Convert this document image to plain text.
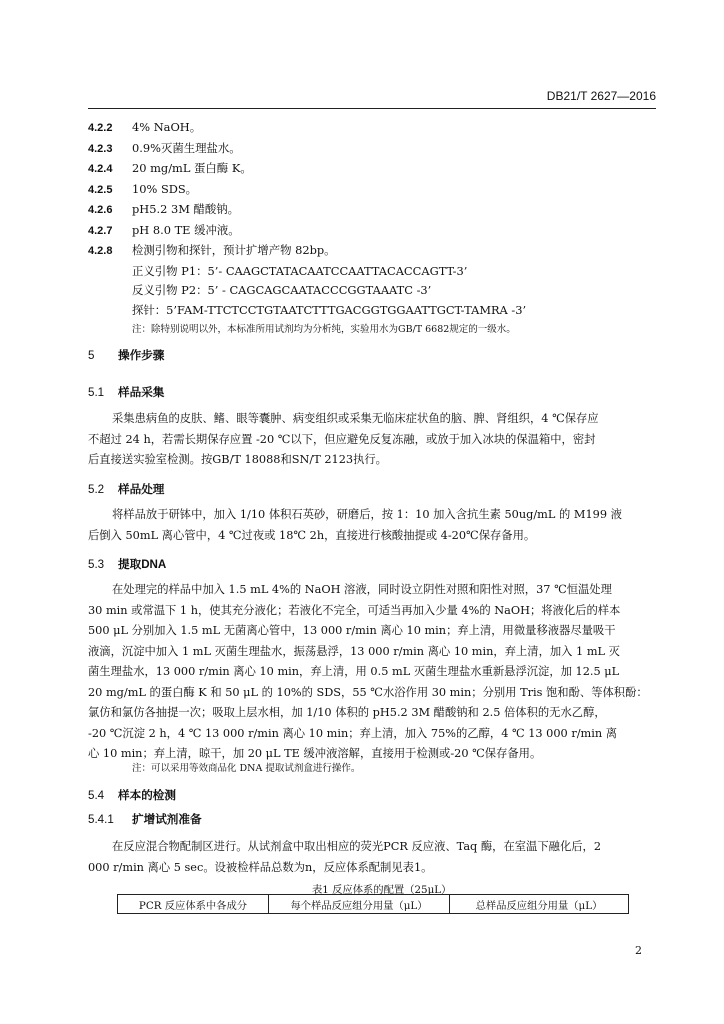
DB21/T 2627—2016
4.2.2 4% NaOH。
4.2.3 0.9%灭菌生理盐水。
4.2.4 20 mg/mL 蛋白酶 K。
4.2.5 10% SDS。
4.2.6 pH5.2 3M 醋酸钠。
4.2.7 pH 8.0 TE 缓冲液。
4.2.8 检测引物和探针，预计扩增产物 82bp。
正义引物 P1：5’- CAAGCTATACAATCCAATTACACCAGTT-3’
反义引物 P2：5’ - CAGCAGCAATACCCGGTAAATC -3’
探针：5’FAM-TTCTCCTGTAATCTTTGACGGTGGAATTGCT-TAMRA -3’
注：除特别说明以外，本标准所用试剂均为分析纯，实验用水为GB/T 6682规定的一级水。
5 操作步骤
5.1 样品采集
采集患病鱼的皮肤、鳍、眼等囊肿、病变组织或采集无临床症状鱼的脑、脾、肾组织，4 ℃保存应
不超过 24 h，若需长期保存应置 -20 ℃以下，但应避免反复冻融，或放于加入冰块的保温箱中，密封
后直接送实验室检测。按GB/T 18088和SN/T 2123执行。
5.2 样品处理
将样品放于研钵中，加入 1/10 体积石英砂，研磨后，按 1：10 加入含抗生素 50ug/mL 的 M199 液
后倒入 50mL 离心管中，4 ℃过夜或 18℃ 2h，直接进行核酸抽提或 4-20℃保存备用。
5.3 提取DNA
在处理完的样品中加入 1.5 mL 4%的 NaOH 溶液，同时设立阴性对照和阳性对照，37 ℃恒温处理
30 min 或常温下 1 h，使其充分液化；若液化不完全，可适当再加入少量 4%的 NaOH；将液化后的样本
500 μL 分别加入 1.5 mL 无菌离心管中，13 000 r/min 离心 10 min；弃上清，用微量移液器尽量吸干
液滴，沉淀中加入 1 mL 灭菌生理盐水，振荡悬浮，13 000 r/min 离心 10 min，弃上清，加入 1 mL 灭
菌生理盐水，13 000 r/min 离心 10 min，弃上清，用 0.5 mL 灭菌生理盐水重新悬浮沉淀，加 12.5 μL
20 mg/mL 的蛋白酶 K 和 50 μL 的 10%的 SDS，55 ℃水浴作用 30 min；分别用 Tris 饱和酚、等体积酚：
氯仿和氯仿各抽提一次；吸取上层水相，加 1/10 体积的 pH5.2 3M 醋酸钠和 2.5 倍体积的无水乙醇，
-20 ℃沉淀 2 h，4 ℃ 13 000 r/min 离心 10 min；弃上清，加入 75%的乙醇，4 ℃ 13 000 r/min 离
心 10 min；弃上清，晾干，加 20 μL TE 缓冲液溶解，直接用于检测或-20 ℃保存备用。
注：可以采用等效商品化 DNA 提取试剂盒进行操作。
5.4 样本的检测
5.4.1 扩增试剂准备
在反应混合物配制区进行。从试剂盒中取出相应的荧光PCR 反应液、Taq 酶，在室温下融化后，2
000 r/min 离心 5 sec。设被检样品总数为n，反应体系配制见表1。
表1 反应体系的配置（25μL）
PCR 反应体系中各成分	每个样品反应组分用量（μL）	总样品反应组分用量（μL）
2
